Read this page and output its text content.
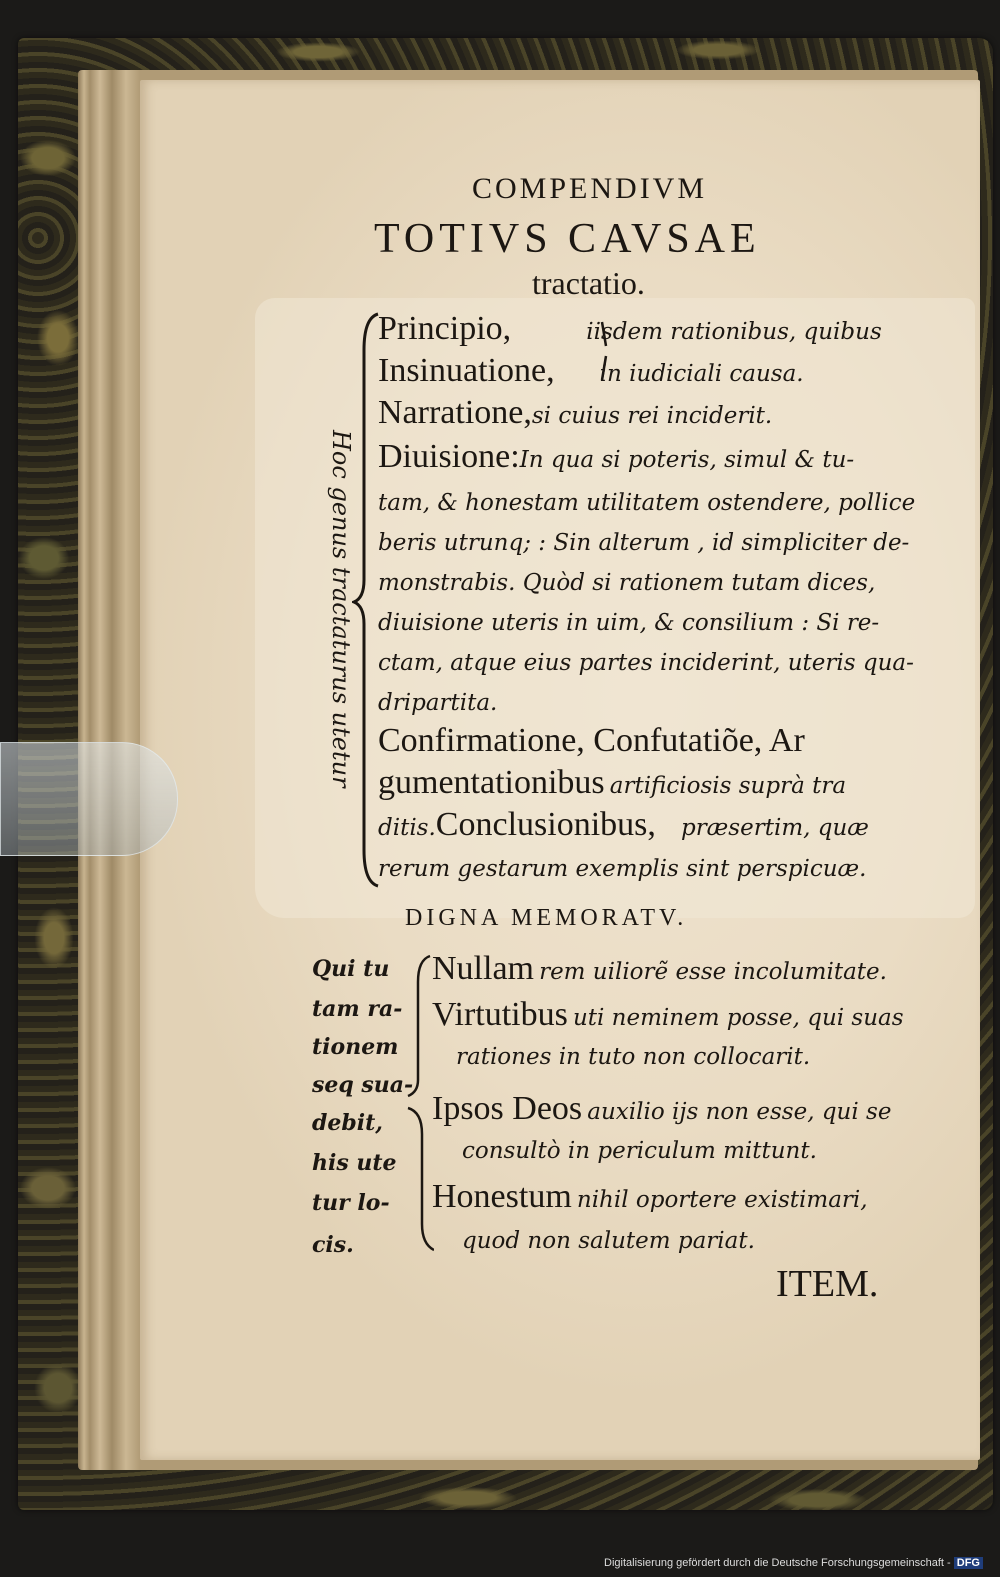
COMPENDIVM
TOTIVS CAVSAE
tractatio.
Hoc genus tractaturus utetur
Principio,	iisdem rationibus, quibus
Insinuatione, in iudiciali causa.
Narratione,si cuius rei inciderit.
Diuisione:In qua si poteris, simul & tu-
tam, & honestam utilitatem ostendere, pollice
beris utrunq; : Sin alterum , id simpliciter de-
monstrabis. Quòd si rationem tutam dices,
diuisione uteris in uim, & consilium : Si re-
ctam, atque eius partes inciderint, uteris qua-
dripartita.
Confirmatione, Confutatiõe, Ar
gumentationibus artificiosis suprà tra
ditis.Conclusionibus, præsertim, quæ
rerum gestarum exemplis sint perspicuæ.
DIGNA MEMORATV.
Qui tu
tam ra-
tionem
seq sua-
debit,
his ute
tur lo-
cis.
Nullam rem uiliorẽ esse incolumitate.
Virtutibus uti neminem posse, qui suas
rationes in tuto non collocarit.
Ipsos Deos auxilio ijs non esse, qui se
consultò in periculum mittunt.
Honestum nihil oportere existimari,
quod non salutem pariat.
ITEM.
Digitalisierung gefördert durch die Deutsche Forschungsgemeinschaft - DFG
